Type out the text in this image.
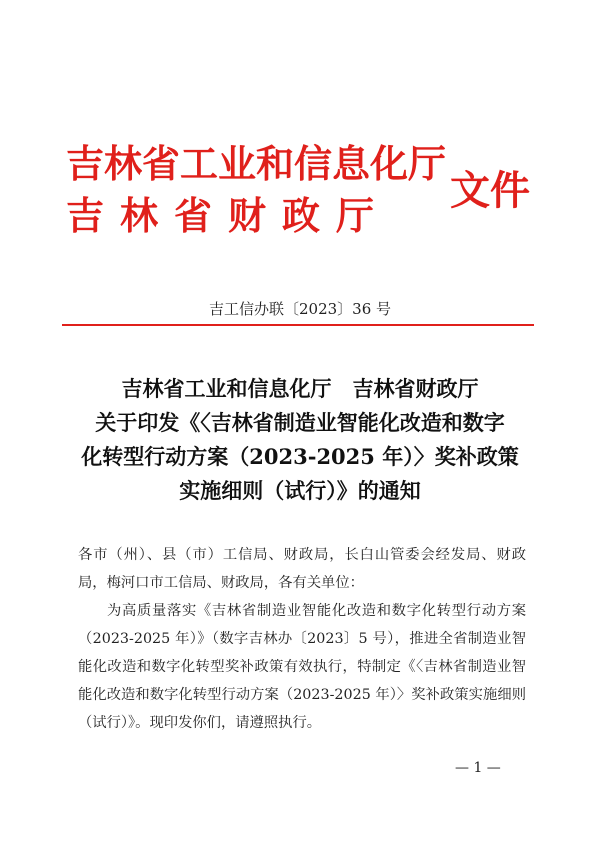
吉林省工业和信息化厅
吉林省财政厅
文件
吉工信办联〔2023〕36 号
吉林省工业和信息化厅　吉林省财政厅
关于印发《〈吉林省制造业智能化改造和数字
化转型行动方案（2023-2025 年）〉奖补政策
实施细则（试行）》的通知

各市（州）、县（市）工信局、财政局，长白山管委会经发局、财政局，梅河口市工信局、财政局，各有关单位：

为高质量落实《吉林省制造业智能化改造和数字化转型行动方案（2023-2025 年）》（数字吉林办〔2023〕5 号），推进全省制造业智能化改造和数字化转型奖补政策有效执行，特制定《〈吉林省制造业智能化改造和数字化转型行动方案（2023-2025 年）〉奖补政策实施细则（试行）》。现印发你们，请遵照执行。

— 1 —
